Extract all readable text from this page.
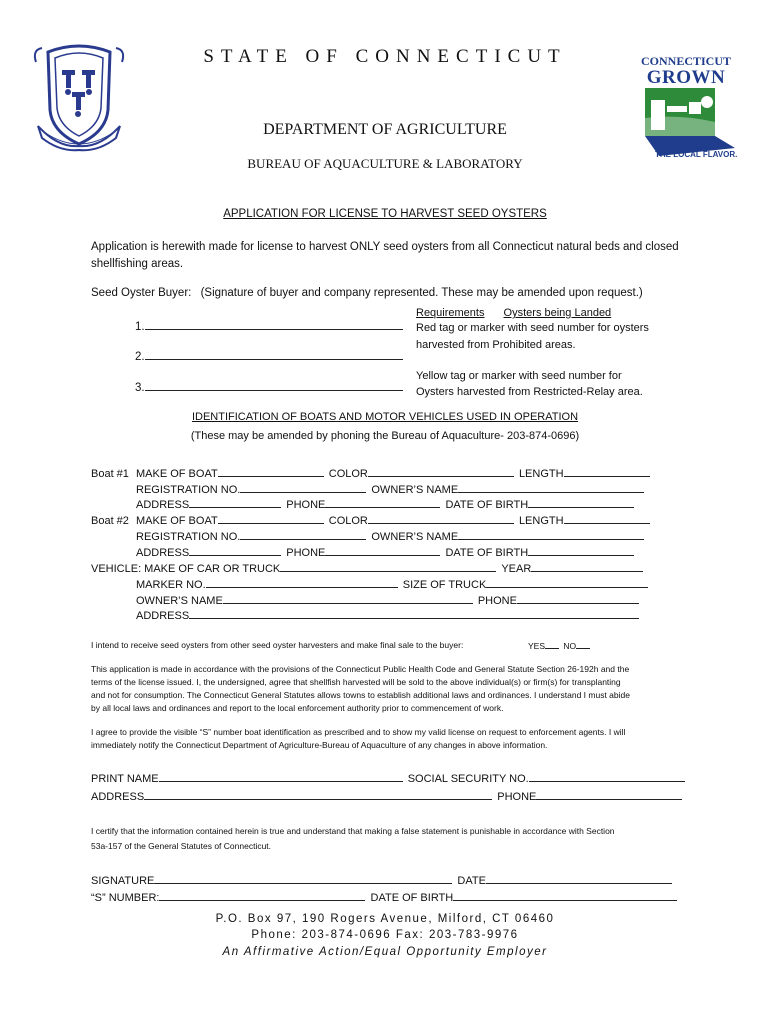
STATE OF CONNECTICUT
DEPARTMENT OF AGRICULTURE
BUREAU OF AQUACULTURE & LABORATORY
CONNECTICUT
GROWN
THE LOCAL FLAVOR.
APPLICATION FOR LICENSE TO HARVEST SEED OYSTERS
Application is herewith made for license to harvest ONLY seed oysters from all Connecticut natural beds and closed shellfishing areas.
Seed Oyster Buyer: (Signature of buyer and company represented. These may be amended upon request.)
1.
2.
3.
Requirements Oysters being Landed
Red tag or marker with seed number for oysters
harvested from Prohibited areas.
Yellow tag or marker with seed number for
Oysters harvested from Restricted-Relay area.
IDENTIFICATION OF BOATS AND MOTOR VEHICLES USED IN OPERATION
(These may be amended by phoning the Bureau of Aquaculture- 203-874-0696)
Boat #1 MAKE OF BOAT	COLOR	LENGTH
REGISTRATION NO.	OWNER’S NAME
ADDRESS	PHONE	DATE OF BIRTH
Boat #2 MAKE OF BOAT	COLOR	LENGTH
REGISTRATION NO.	OWNER’S NAME
ADDRESS	PHONE	DATE OF BIRTH
VEHICLE: MAKE OF CAR OR TRUCK	YEAR
MARKER NO.	SIZE OF TRUCK
OWNER’S NAME	PHONE
ADDRESS
I intend to receive seed oysters from other seed oyster harvesters and make final sale to the buyer:	YES NO
This application is made in accordance with the provisions of the Connecticut Public Health Code and General Statute Section 26-192h and the
terms of the license issued. I, the undersigned, agree that shellfish harvested will be sold to the above individual(s) or firm(s) for transplanting
and not for consumption. The Connecticut General Statutes allows towns to establish additional laws and ordinances. I understand I must abide
by all local laws and ordinances and report to the local enforcement authority prior to commencement of work.
I agree to provide the visible “S” number boat identification as prescribed and to show my valid license on request to enforcement agents. I will
immediately notify the Connecticut Department of Agriculture-Bureau of Aquaculture of any changes in above information.
PRINT NAME	SOCIAL SECURITY NO.
ADDRESS	PHONE
I certify that the information contained herein is true and understand that making a false statement is punishable in accordance with Section
53a-157 of the General Statutes of Connecticut.
SIGNATURE	DATE
“S” NUMBER:	DATE OF BIRTH
P.O. Box 97, 190 Rogers Avenue, Milford, CT 06460
Phone: 203-874-0696 Fax: 203-783-9976
An Affirmative Action/Equal Opportunity Employer
